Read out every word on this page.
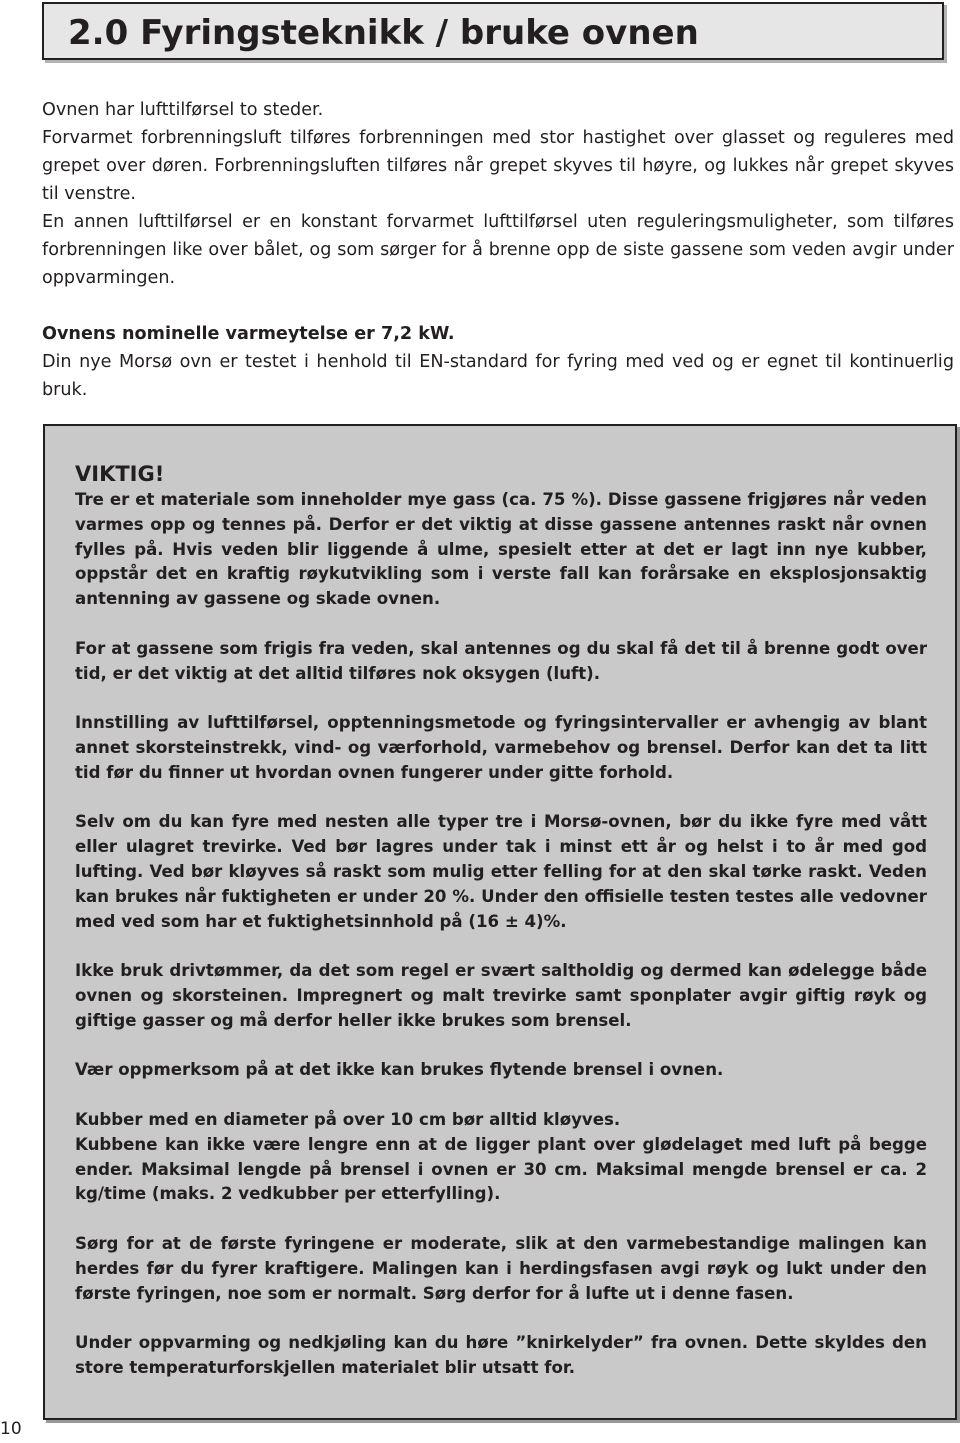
2.0 Fyringsteknikk / bruke ovnen

Ovnen har lufttilførsel to steder.

Forvarmet forbrenningsluft tilføres forbrenningen med stor hastighet over glasset og reguleres med grepet over døren. Forbrenningsluften tilføres når grepet skyves til høyre, og lukkes når grepet skyves til venstre.

En annen lufttilførsel er en konstant forvarmet lufttilførsel uten reguleringsmuligheter, som tilføres forbrenningen like over bålet, og som sørger for å brenne opp de siste gassene som veden avgir under oppvarmingen.

Ovnens nominelle varmeytelse er 7,2 kW.

Din nye Morsø ovn er testet i henhold til EN-standard for fyring med ved og er egnet til kontinuerlig bruk.

VIKTIG!

Tre er et materiale som inneholder mye gass (ca. 75 %). Disse gassene frigjøres når veden varmes opp og tennes på. Derfor er det viktig at disse gassene antennes raskt når ovnen fylles på. Hvis veden blir liggende å ulme, spesielt etter at det er lagt inn nye kubber, oppstår det en kraftig røykutvikling som i verste fall kan forårsake en eksplosjonsaktig antenning av gassene og skade ovnen.

For at gassene som frigis fra veden, skal antennes og du skal få det til å brenne godt over tid, er det viktig at det alltid tilføres nok oksygen (luft).

Innstilling av lufttilførsel, opptenningsmetode og fyringsintervaller er avhengig av blant annet skorsteinstrekk, vind- og værforhold, varmebehov og brensel. Derfor kan det ta litt tid før du finner ut hvordan ovnen fungerer under gitte forhold.

Selv om du kan fyre med nesten alle typer tre i Morsø-ovnen, bør du ikke fyre med vått eller ulagret trevirke. Ved bør lagres under tak i minst ett år og helst i to år med god lufting. Ved bør kløyves så raskt som mulig etter felling for at den skal tørke raskt. Veden kan brukes når fuktigheten er under 20 %. Under den offisielle testen testes alle vedovner med ved som har et fuktighetsinnhold på (16 ± 4)%.

Ikke bruk drivtømmer, da det som regel er svært saltholdig og dermed kan ødelegge både ovnen og skorsteinen. Impregnert og malt trevirke samt sponplater avgir giftig røyk og giftige gasser og må derfor heller ikke brukes som brensel.

Vær oppmerksom på at det ikke kan brukes flytende brensel i ovnen.

Kubber med en diameter på over 10 cm bør alltid kløyves.

Kubbene kan ikke være lengre enn at de ligger plant over glødelaget med luft på begge ender. Maksimal lengde på brensel i ovnen er 30 cm. Maksimal mengde brensel er ca. 2 kg/time (maks. 2 vedkubber per etterfylling).

Sørg for at de første fyringene er moderate, slik at den varmebestandige malingen kan herdes før du fyrer kraftigere. Malingen kan i herdingsfasen avgi røyk og lukt under den første fyringen, noe som er normalt. Sørg derfor for å lufte ut i denne fasen.

Under oppvarming og nedkjøling kan du høre ”knirkelyder” fra ovnen. Dette skyldes den store temperaturforskjellen materialet blir utsatt for.

10
